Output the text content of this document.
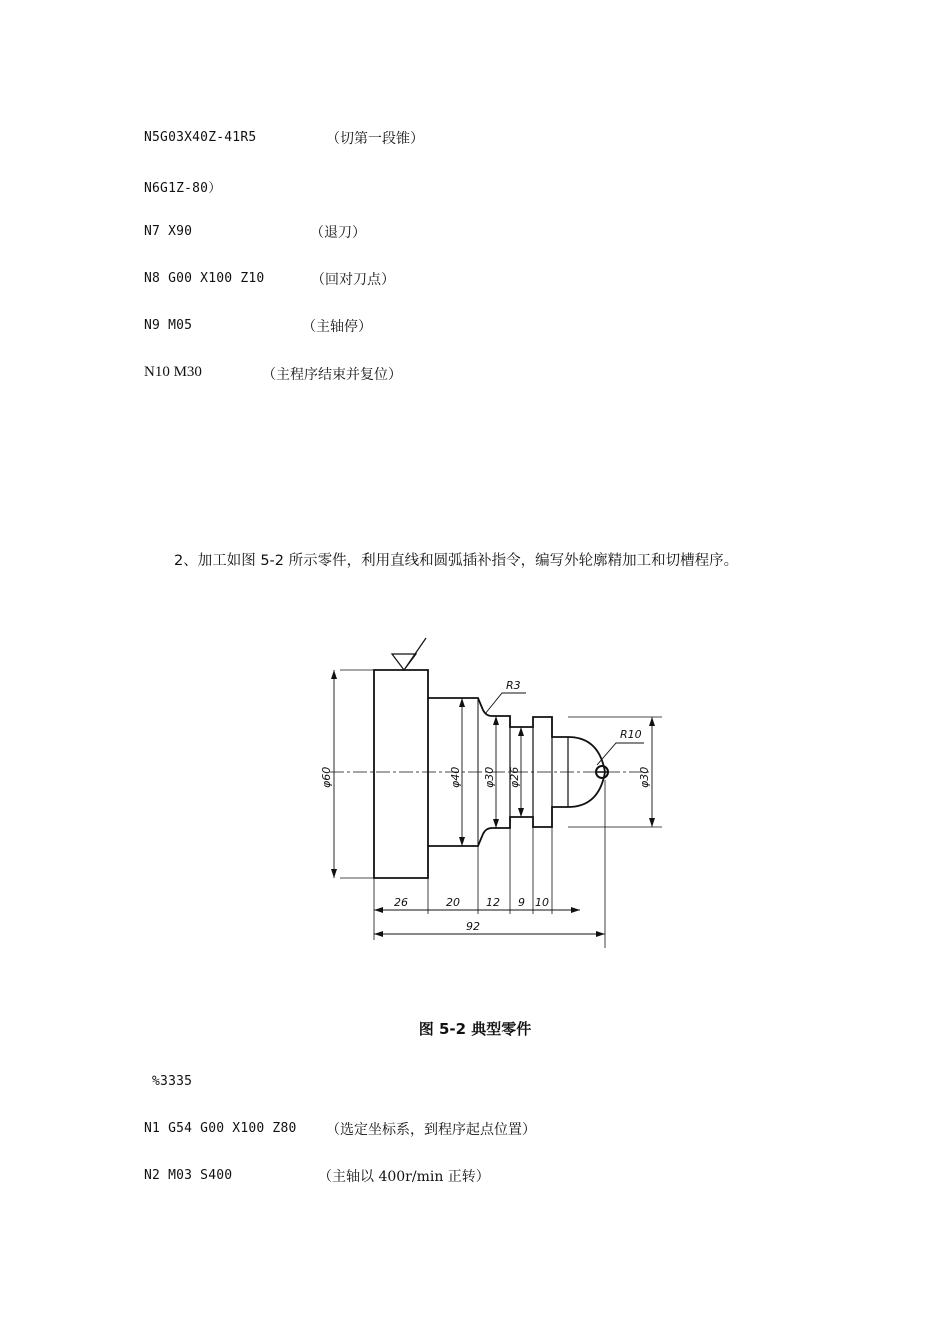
N5G03X40Z-41R5	（切第一段锥）
N6G1Z-80）
N7 X90	（退刀）
N8 G00 X100 Z10	（回对刀点）
N9 M05	（主轴停）
N10 M30	（主程序结束并复位）
2、加工如图 5-2 所示零件，利用直线和圆弧插补指令，编写外轮廓精加工和切槽程序。
R3
R10
φ60	φ40 φ30 φ26	φ30
26	20 12 9 10
92
图 5-2 典型零件
%3335
N1 G54 G00 X100 Z80 （选定坐标系，到程序起点位置）
N2 M03 S400	（主轴以 400r/min 正转）
